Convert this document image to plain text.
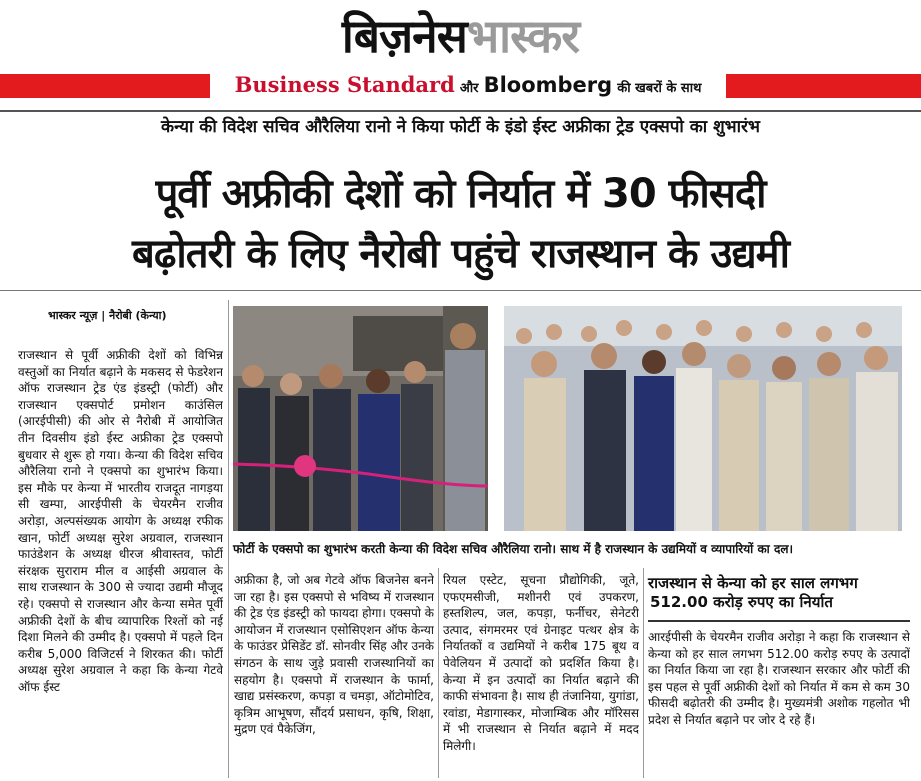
बिज़नेसभास्कर
Business Standard और Bloomberg की खबरों के साथ
केन्या की विदेश सचिव औरैलिया रानो ने किया फोर्टी के इंडो ईस्ट अफ्रीका ट्रेड एक्सपो का शुभारंभ
पूर्वी अफ्रीकी देशों को निर्यात में 30 फीसदी
बढ़ोतरी के लिए नैरोबी पहुंचे राजस्थान के उद्यमी
भास्कर न्यूज़ | नैरोबी (केन्या)
राजस्थान से पूर्वी अफ्रीकी देशों को विभिन्न वस्तुओं का निर्यात बढ़ाने के मकसद से फेडरेशन ऑफ राजस्थान ट्रेड एंड इंडस्ट्री (फोर्टी) और राजस्थान एक्सपोर्ट प्रमोशन काउंसिल (आरईपीसी) की ओर से नैरोबी में आयोजित तीन दिवसीय इंडो ईस्ट अफ्रीका ट्रेड एक्सपो बुधवार से शुरू हो गया। केन्या की विदेश सचिव औरैलिया रानो ने एक्सपो का शुभारंभ किया। इस मौके पर केन्या में भारतीय राजदूत नागड़या सी खम्पा, आरईपीसी के चेयरमैन राजीव अरोड़ा, अल्पसंख्यक आयोग के अध्यक्ष रफीक खान, फोर्टी अध्यक्ष सुरेश अग्रवाल, राजस्थान फाउंडेशन के अध्यक्ष धीरज श्रीवास्तव, फोर्टी संरक्षक सुराराम मील व आईसी अग्रवाल के साथ राजस्थान के 300 से ज्यादा उद्यमी मौजूद रहे। एक्सपो से राजस्थान और केन्या समेत पूर्वी अफ्रीकी देशों के बीच व्यापारिक रिश्तों को नई दिशा मिलने की उम्मीद है। एक्सपो में पहले दिन करीब 5,000 विजिटर्स ने शिरकत की। फोर्टी अध्यक्ष सुरेश अग्रवाल ने कहा कि केन्या गेटवे ऑफ ईस्ट
फोर्टी के एक्सपो का शुभारंभ करती केन्या की विदेश सचिव औरैलिया रानो। साथ में है राजस्थान के उद्यमियों व व्यापारियों का दल।
अफ्रीका है, जो अब गेटवे ऑफ बिजनेस बनने जा रहा है। इस एक्सपो से भविष्य में राजस्थान की ट्रेड एंड इंडस्ट्री को फायदा होगा। एक्सपो के आयोजन में राजस्थान एसोसिएशन ऑफ केन्या के फाउंडर प्रेसिडेंट डॉ. सोनवीर सिंह और उनके संगठन के साथ जुड़े प्रवासी राजस्थानियों का सहयोग है। एक्सपो में राजस्थान के फार्मा, खाद्य प्रसंस्करण, कपड़ा व चमड़ा, ऑटोमोटिव, कृत्रिम आभूषण, सौंदर्य प्रसाधन, कृषि, शिक्षा, मुद्रण एवं पैकेजिंग,
रियल एस्टेट, सूचना प्रौद्योगिकी, जूते, एफएमसीजी, मशीनरी एवं उपकरण, हस्तशिल्प, जल, कपड़ा, फर्नीचर, सेनेटरी उत्पाद, संगमरमर एवं ग्रेनाइट पत्थर क्षेत्र के निर्यातकों व उद्यमियों ने करीब 175 बूथ व पेवेलियन में उत्पादों को प्रदर्शित किया है। केन्या में इन उत्पादों का निर्यात बढ़ाने की काफी संभावना है। साथ ही तंजानिया, युगांडा, रवांडा, मेडागास्कर, मोजाम्बिक और मॉरिसस में भी राजस्थान से निर्यात बढ़ाने में मदद मिलेगी।
राजस्थान से केन्या को हर साल लगभग
512.00 करोड़ रुपए का निर्यात
आरईपीसी के चेयरमैन राजीव अरोड़ा ने कहा कि राजस्थान से केन्या को हर साल लगभग 512.00 करोड़ रुपए के उत्पादों का निर्यात किया जा रहा है। राजस्थान सरकार और फोर्टी की इस पहल से पूर्वी अफ्रीकी देशों को निर्यात में कम से कम 30 फीसदी बढ़ोतरी की उम्मीद है। मुख्यमंत्री अशोक गहलोत भी प्रदेश से निर्यात बढ़ाने पर जोर दे रहे हैं।
